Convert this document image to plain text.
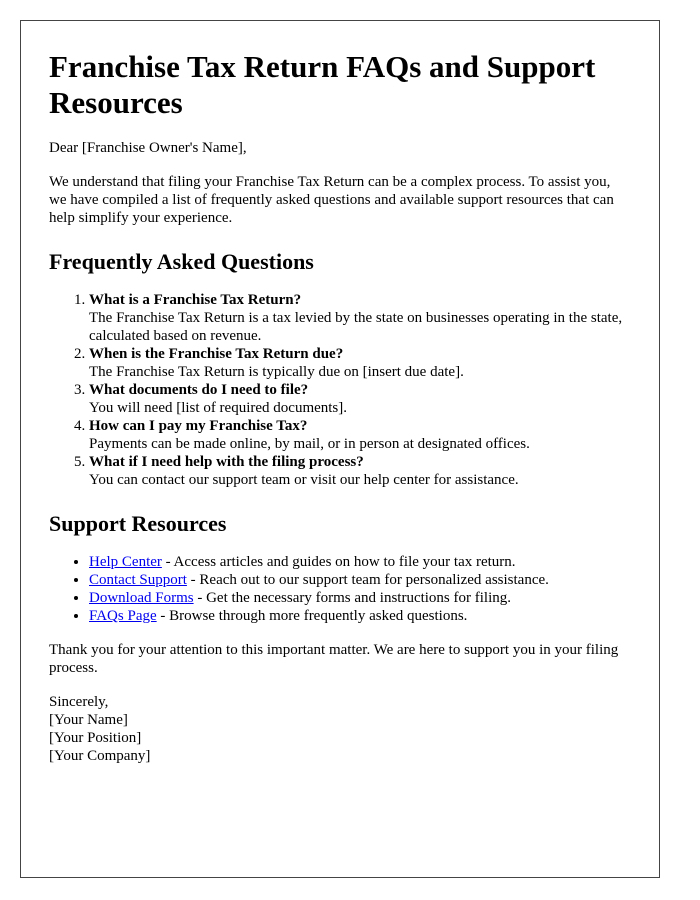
Franchise Tax Return FAQs and Support Resources

Dear [Franchise Owner's Name],

We understand that filing your Franchise Tax Return can be a complex process. To assist you, we have compiled a list of frequently asked questions and available support resources that can help simplify your experience.

Frequently Asked Questions
1. What is a Franchise Tax Return?
The Franchise Tax Return is a tax levied by the state on businesses operating in the state, calculated based on revenue.
2. When is the Franchise Tax Return due?
The Franchise Tax Return is typically due on [insert due date].
3. What documents do I need to file?
You will need [list of required documents].
4. How can I pay my Franchise Tax?
Payments can be made online, by mail, or in person at designated offices.
5. What if I need help with the filing process?
You can contact our support team or visit our help center for assistance.
Support Resources
• Help Center - Access articles and guides on how to file your tax return.
• Contact Support - Reach out to our support team for personalized assistance.
• Download Forms - Get the necessary forms and instructions for filing.
• FAQs Page - Browse through more frequently asked questions.

Thank you for your attention to this important matter. We are here to support you in your filing process.

Sincerely,

[Your Name]

[Your Position]

[Your Company]
